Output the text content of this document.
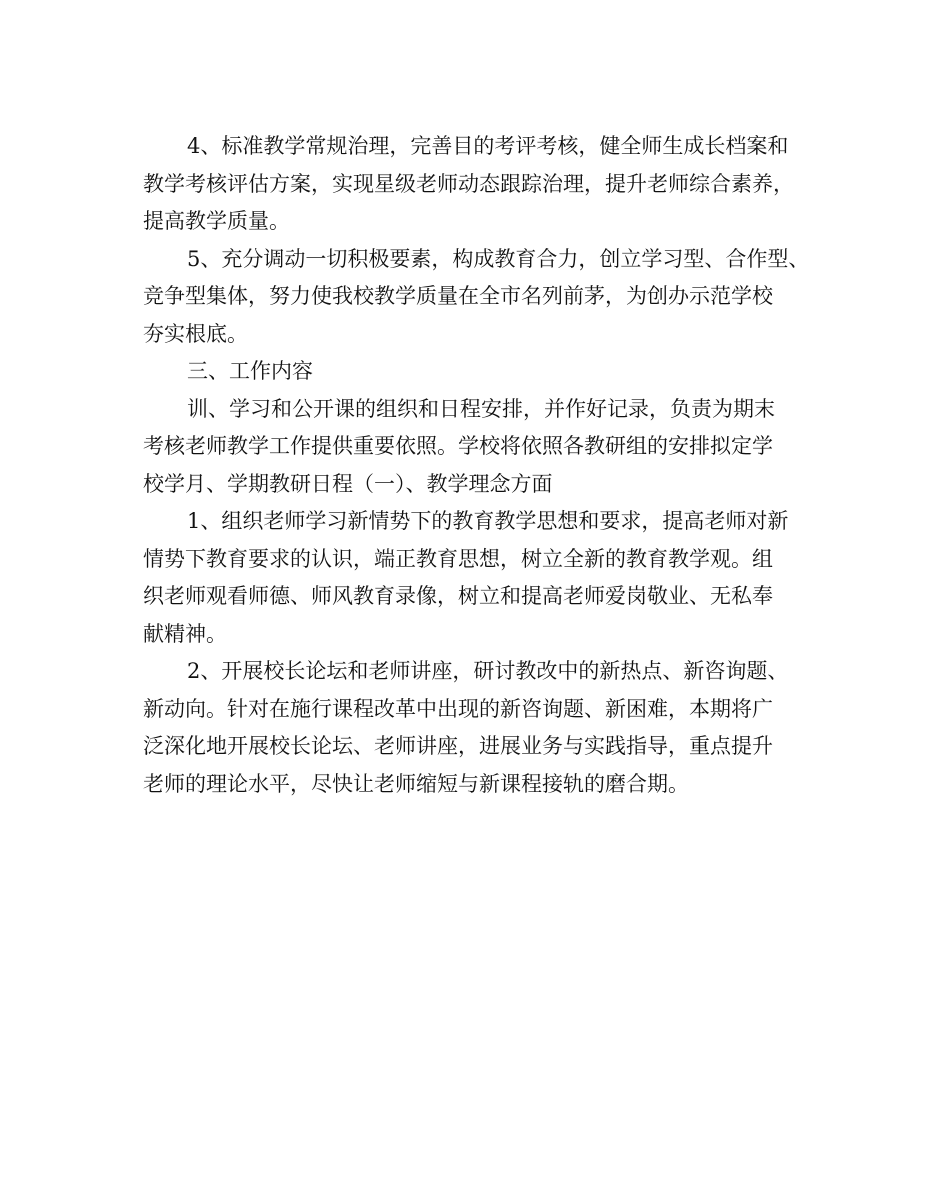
4、标准教学常规治理，完善目的考评考核，健全师生成长档案和
教学考核评估方案，实现星级老师动态跟踪治理，提升老师综合素养，
提高教学质量。
5、充分调动一切积极要素，构成教育合力，创立学习型、合作型、
竞争型集体，努力使我校教学质量在全市名列前茅，为创办示范学校
夯实根底。
三、工作内容
训、学习和公开课的组织和日程安排，并作好记录，负责为期末
考核老师教学工作提供重要依照。学校将依照各教研组的安排拟定学
校学月、学期教研日程（一）、教学理念方面
1、组织老师学习新情势下的教育教学思想和要求，提高老师对新
情势下教育要求的认识，端正教育思想，树立全新的教育教学观。组
织老师观看师德、师风教育录像，树立和提高老师爱岗敬业、无私奉
献精神。
2、开展校长论坛和老师讲座，研讨教改中的新热点、新咨询题、
新动向。针对在施行课程改革中出现的新咨询题、新困难，本期将广
泛深化地开展校长论坛、老师讲座，进展业务与实践指导，重点提升
老师的理论水平，尽快让老师缩短与新课程接轨的磨合期。
